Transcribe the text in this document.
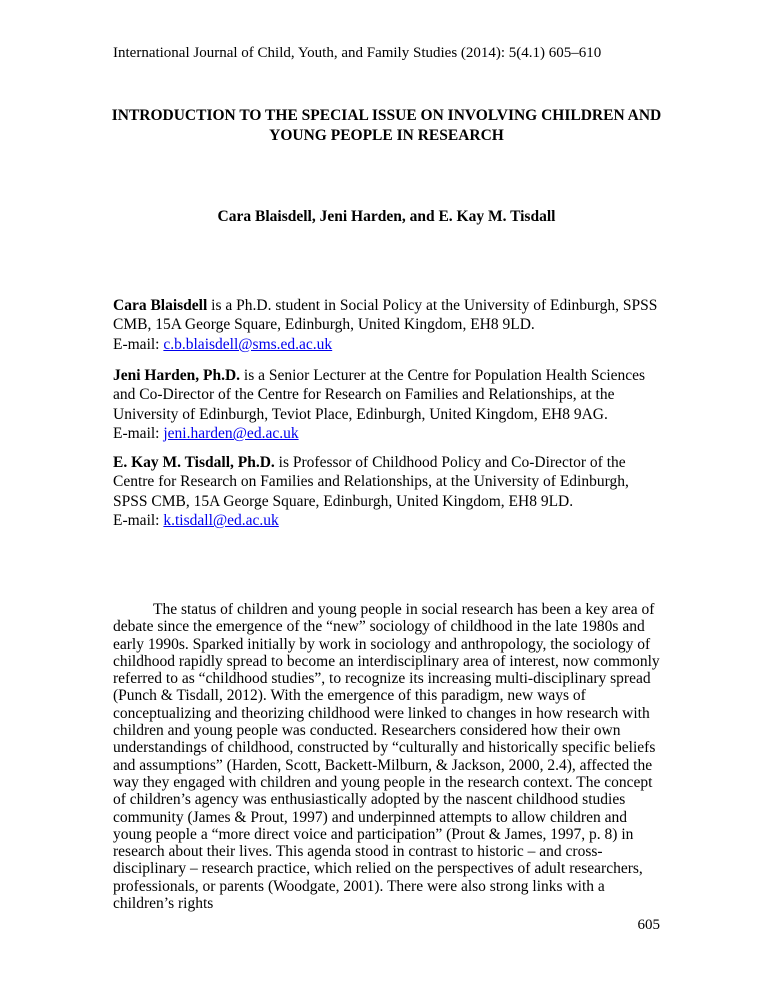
International Journal of Child, Youth, and Family Studies (2014): 5(4.1) 605–610
INTRODUCTION TO THE SPECIAL ISSUE ON INVOLVING CHILDREN AND
YOUNG PEOPLE IN RESEARCH
Cara Blaisdell, Jeni Harden, and E. Kay M. Tisdall

Cara Blaisdell is a Ph.D. student in Social Policy at the University of Edinburgh, SPSS CMB, 15A George Square, Edinburgh, United Kingdom, EH8 9LD.
E-mail: c.b.blaisdell@sms.ed.ac.uk

Jeni Harden, Ph.D. is a Senior Lecturer at the Centre for Population Health Sciences and Co-Director of the Centre for Research on Families and Relationships, at the University of Edinburgh, Teviot Place, Edinburgh, United Kingdom, EH8 9AG.
E-mail: jeni.harden@ed.ac.uk

E. Kay M. Tisdall, Ph.D. is Professor of Childhood Policy and Co-Director of the Centre for Research on Families and Relationships, at the University of Edinburgh, SPSS CMB, 15A George Square, Edinburgh, United Kingdom, EH8 9LD.
E-mail: k.tisdall@ed.ac.uk

The status of children and young people in social research has been a key area of debate since the emergence of the “new” sociology of childhood in the late 1980s and early 1990s. Sparked initially by work in sociology and anthropology, the sociology of childhood rapidly spread to become an interdisciplinary area of interest, now commonly referred to as “childhood studies”, to recognize its increasing multi-disciplinary spread (Punch & Tisdall, 2012). With the emergence of this paradigm, new ways of conceptualizing and theorizing childhood were linked to changes in how research with children and young people was conducted. Researchers considered how their own understandings of childhood, constructed by “culturally and historically specific beliefs and assumptions” (Harden, Scott, Backett-Milburn, & Jackson, 2000, 2.4), affected the way they engaged with children and young people in the research context. The concept of children’s agency was enthusiastically adopted by the nascent childhood studies community (James & Prout, 1997) and underpinned attempts to allow children and young people a “more direct voice and participation” (Prout & James, 1997, p. 8) in research about their lives. This agenda stood in contrast to historic – and cross-disciplinary – research practice, which relied on the perspectives of adult researchers, professionals, or parents (Woodgate, 2001). There were also strong links with a children’s rights

605
